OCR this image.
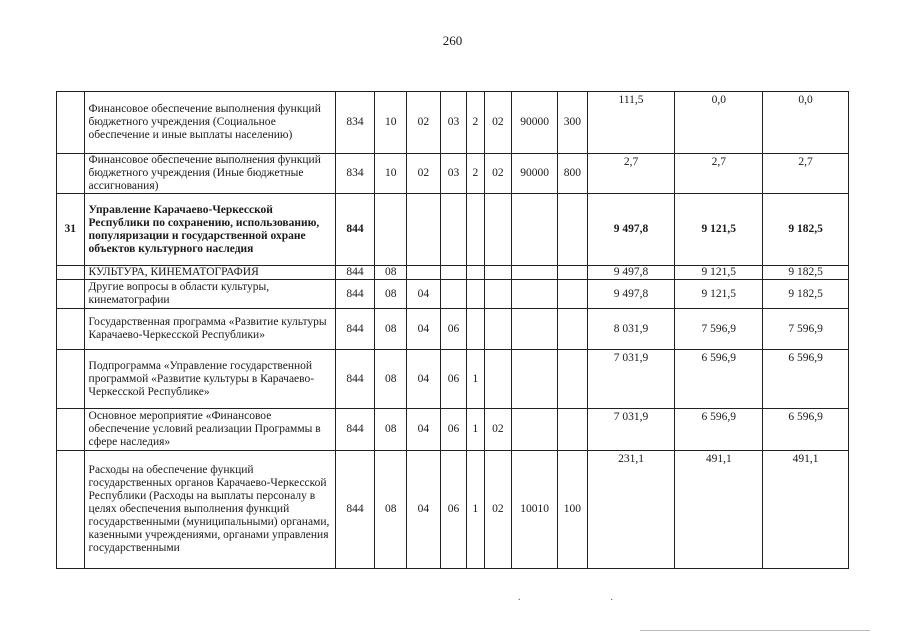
260
	Финансовое обеспечение выполнения функций бюджетного учреждения (Социальное обеспечение и иные выплаты населению)	834	10	02	03	2	02	90000	300	111,5	0,0	0,0
	Финансовое обеспечение выполнения функций бюджетного учреждения (Иные бюджетные ассигнования)	834	10	02	03	2	02	90000	800	2,7	2,7	2,7
31	Управление Карачаево-Черкесской Республики по сохранению, использованию, популяризации и государственной охране объектов культурного наследия	844								9 497,8	9 121,5	9 182,5
	КУЛЬТУРА, КИНЕМАТОГРАФИЯ	844	08							9 497,8	9 121,5	9 182,5
	Другие вопросы в области культуры, кинематографии	844	08	04						9 497,8	9 121,5	9 182,5
	Государственная программа «Развитие культуры Карачаево-Черкесской Республики»	844	08	04	06					8 031,9	7 596,9	7 596,9
	Подпрограмма «Управление государственной программой «Развитие культуры в Карачаево-Черкесской Республике»	844	08	04	06	1				7 031,9	6 596,9	6 596,9
	Основное мероприятие «Финансовое обеспечение условий реализации Программы в сфере наследия»	844	08	04	06	1	02			7 031,9	6 596,9	6 596,9
	Расходы на обеспечение функций государственных органов Карачаево-Черкесской Республики (Расходы на выплаты персоналу в целях обеспечения выполнения функций государственными (муниципальными) органами, казенными учреждениями, органами управления государственными	844	08	04	06	1	02	10010	100	231,1	491,1	491,1
.	.
